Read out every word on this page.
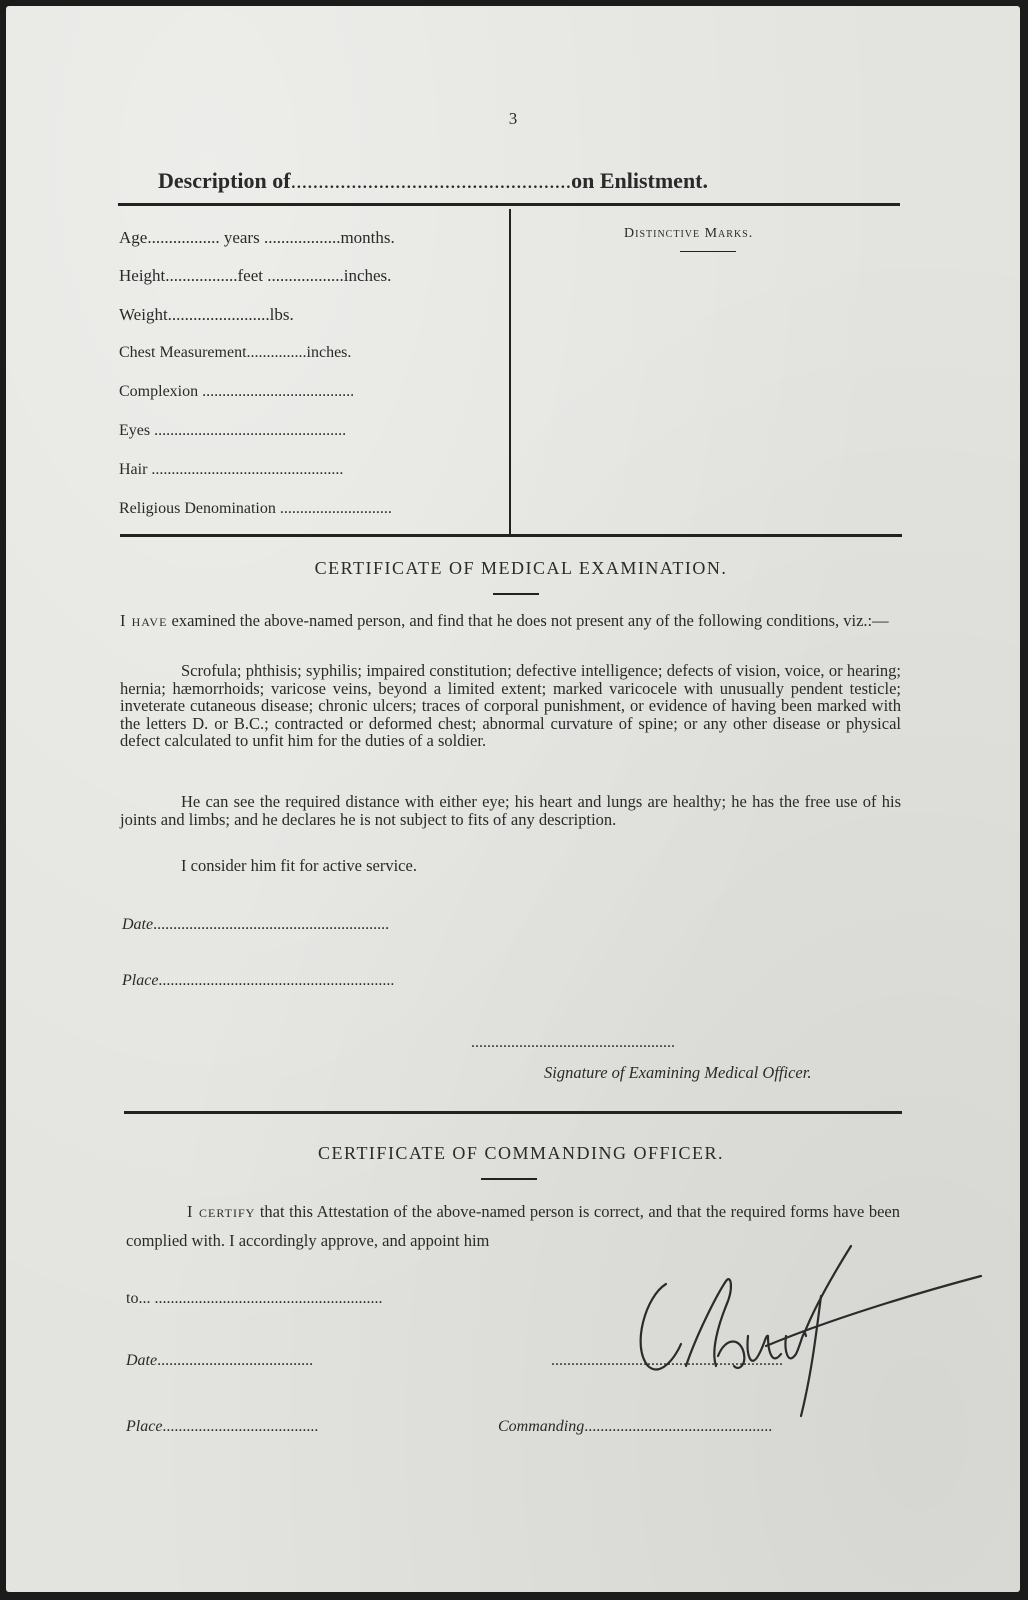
3
Description of...................................................on Enlistment.
Age................. years ..................months.
Height.................feet ..................inches.
Weight........................lbs.
Chest Measurement...............inches.
Complexion ......................................
Eyes ................................................
Hair ................................................
Religious Denomination ............................
Distinctive Marks.
CERTIFICATE OF MEDICAL EXAMINATION.
I have examined the above-named person, and find that he does not present any of the following conditions, viz.:—
Scrofula; phthisis; syphilis; impaired constitution; defective intelligence; defects of vision, voice, or hearing; hernia; hæmorrhoids; varicose veins, beyond a limited extent; marked varicocele with unusually pendent testicle; inveterate cutaneous disease; chronic ulcers; traces of corporal punishment, or evidence of having been marked with the letters D. or B.C.; contracted or deformed chest; abnormal curvature of spine; or any other disease or physical defect calculated to unfit him for the duties of a soldier.
He can see the required distance with either eye; his heart and lungs are healthy; he has the free use of his joints and limbs; and he declares he is not subject to fits of any description.
I consider him fit for active service.
Date...........................................................
Place...........................................................
...................................................
Signature of Examining Medical Officer.
CERTIFICATE OF COMMANDING OFFICER.
I certify that this Attestation of the above-named person is correct, and that the required forms have been complied with. I accordingly approve, and appoint him
to... .........................................................
Date.......................................	..........................................................
Place.......................................	Commanding...............................................
